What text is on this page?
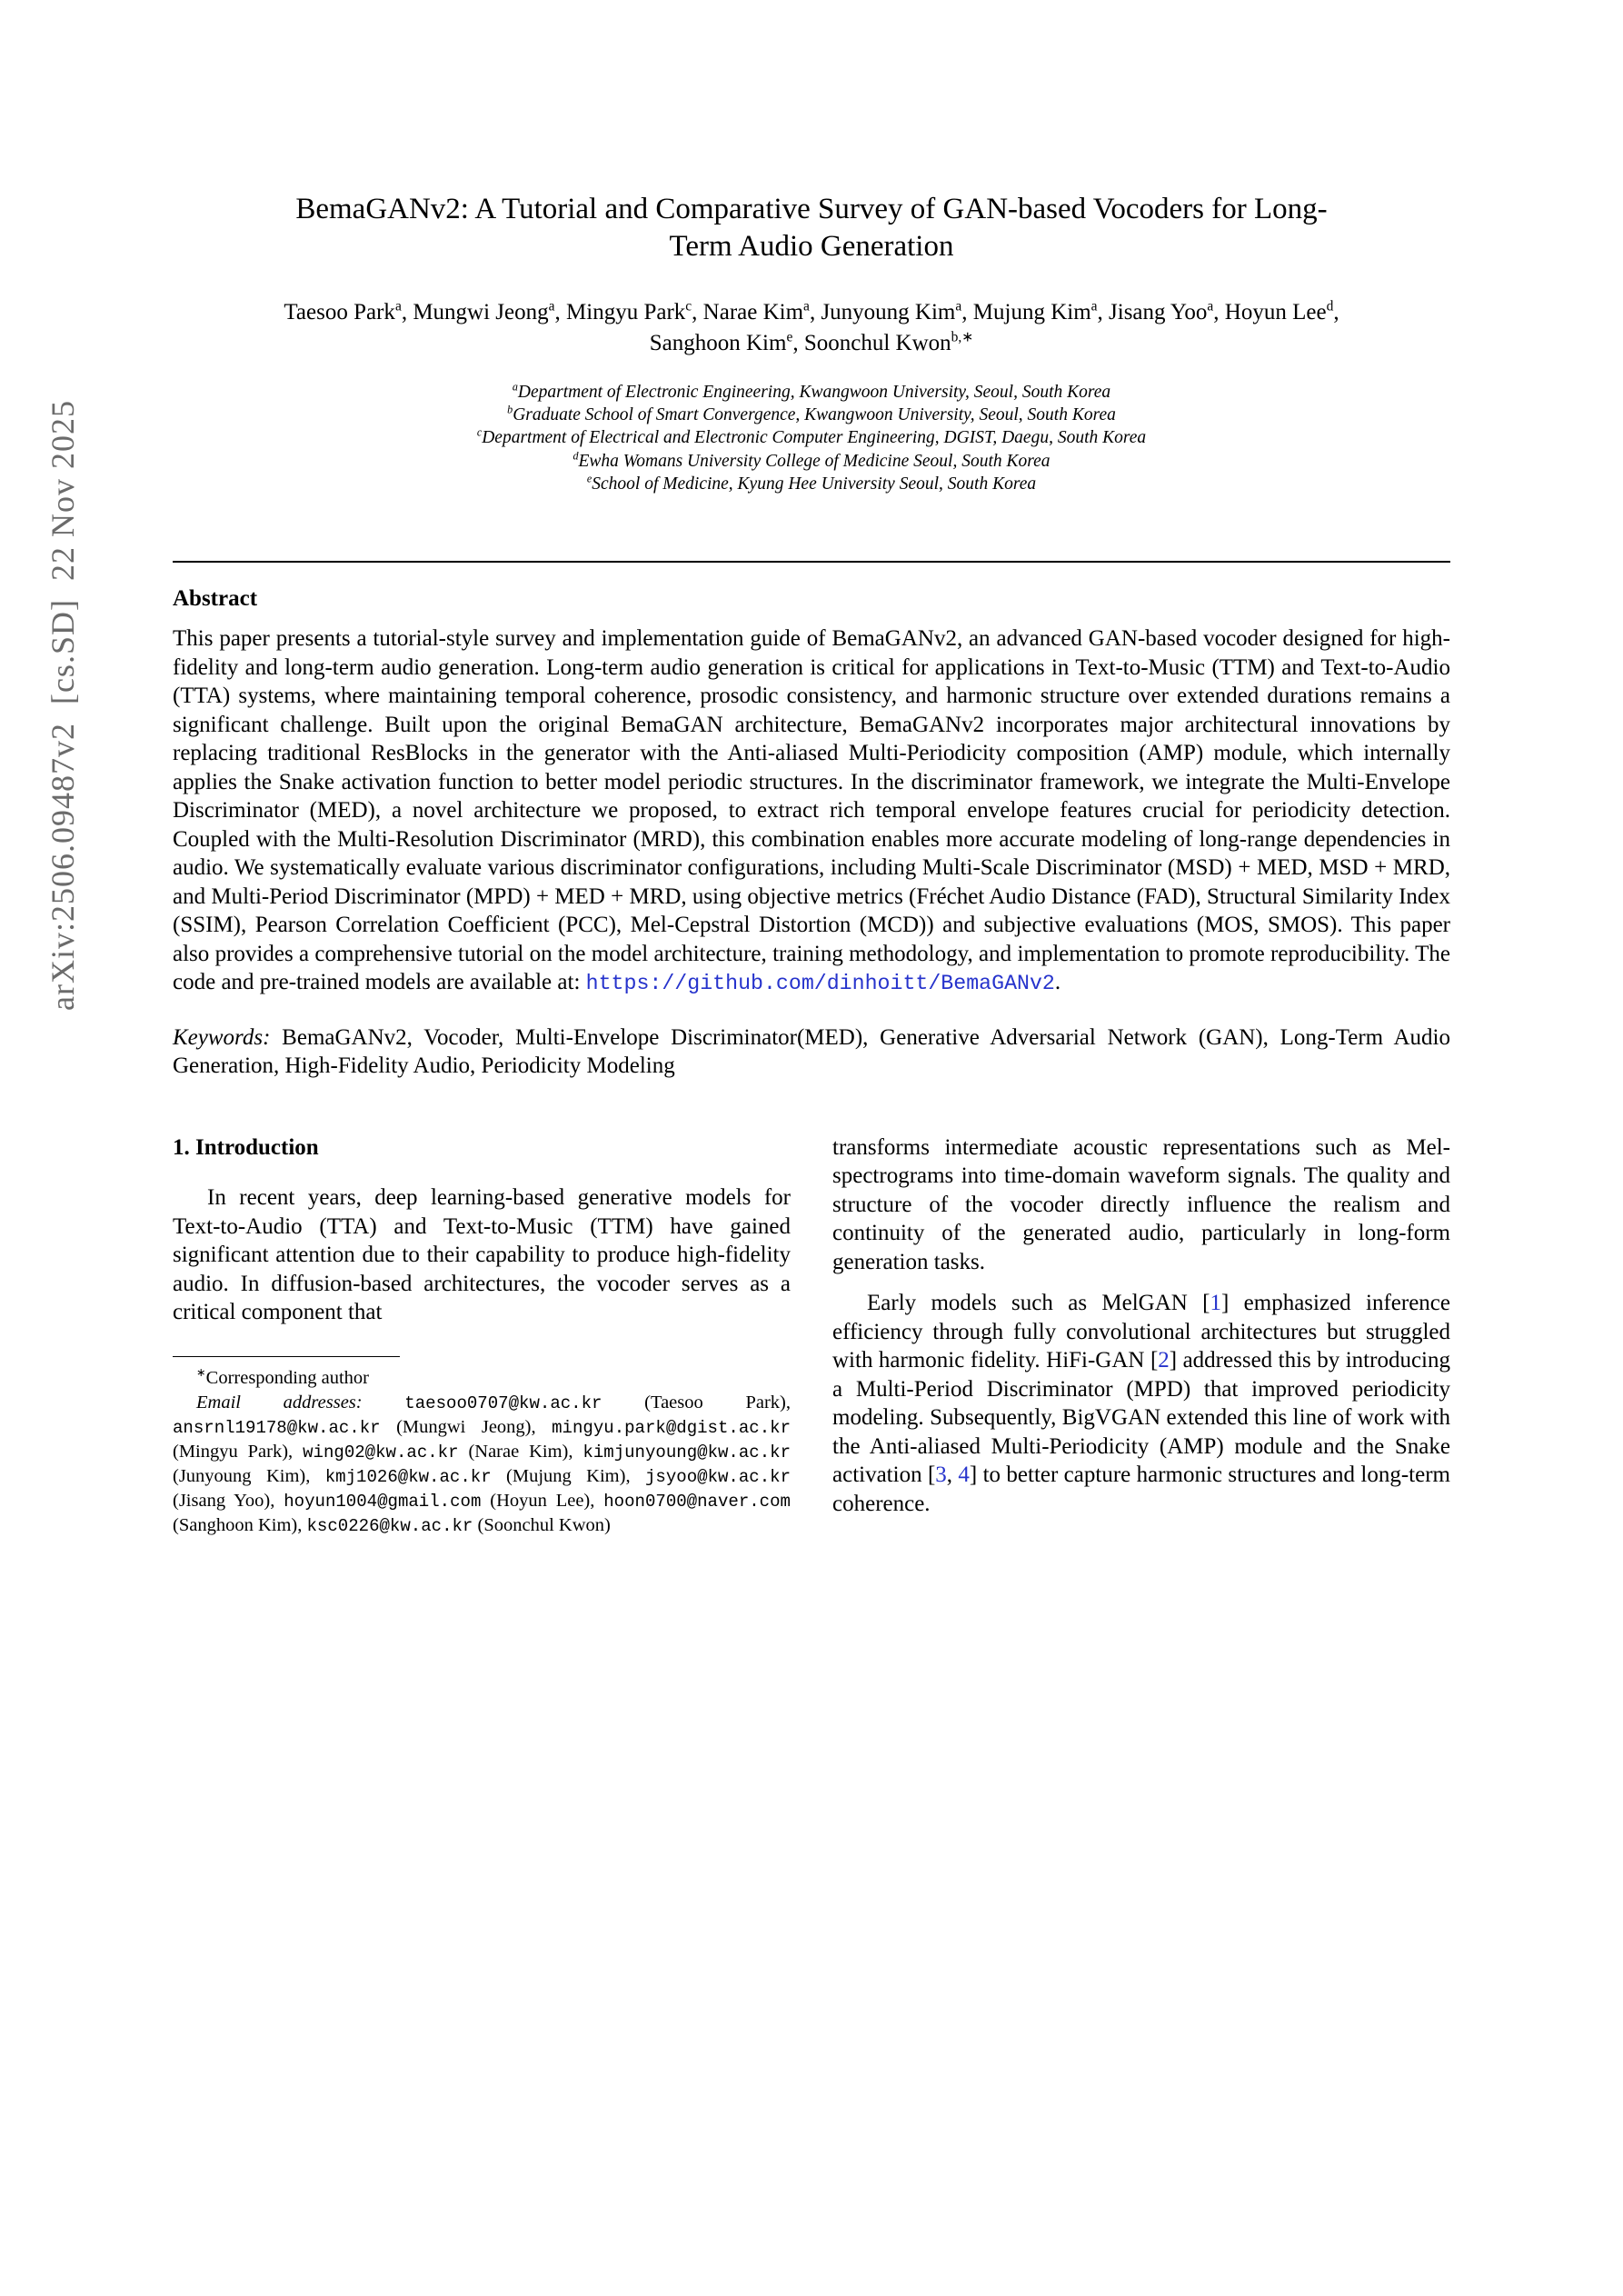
arXiv:2506.09487v2  [cs.SD]  22 Nov 2025
BemaGANv2: A Tutorial and Comparative Survey of GAN-based Vocoders for Long-Term Audio Generation
Taesoo Park$^a$, Mungwi Jeong$^a$, Mingyu Park$^c$, Narae Kim$^a$, Junyoung Kim$^a$, Mujung Kim$^a$, Jisang Yoo$^a$, Hoyun Lee$^d$, Sanghoon Kim$^e$, Soonchul Kwon$^{b,∗}$
$^a$Department of Electronic Engineering, Kwangwoon University, Seoul, South Korea
$^b$Graduate School of Smart Convergence, Kwangwoon University, Seoul, South Korea
$^c$Department of Electrical and Electronic Computer Engineering, DGIST, Daegu, South Korea
$^d$Ewha Womans University College of Medicine Seoul, South Korea
$^e$School of Medicine, Kyung Hee University Seoul, South Korea
Abstract

This paper presents a tutorial-style survey and implementation guide of BemaGANv2, an advanced GAN-based vocoder designed for high-fidelity and long-term audio generation. Long-term audio generation is critical for applications in Text-to-Music (TTM) and Text-to-Audio (TTA) systems, where maintaining temporal coherence, prosodic consistency, and harmonic structure over extended durations remains a significant challenge. Built upon the original BemaGAN architecture, BemaGANv2 incorporates major architectural innovations by replacing traditional ResBlocks in the generator with the Anti-aliased Multi-Periodicity composition (AMP) module, which internally applies the Snake activation function to better model periodic structures. In the discriminator framework, we integrate the Multi-Envelope Discriminator (MED), a novel architecture we proposed, to extract rich temporal envelope features crucial for periodicity detection. Coupled with the Multi-Resolution Discriminator (MRD), this combination enables more accurate modeling of long-range dependencies in audio. We systematically evaluate various discriminator configurations, including Multi-Scale Discriminator (MSD) + MED, MSD + MRD, and Multi-Period Discriminator (MPD) + MED + MRD, using objective metrics (Fréchet Audio Distance (FAD), Structural Similarity Index (SSIM), Pearson Correlation Coefficient (PCC), Mel-Cepstral Distortion (MCD)) and subjective evaluations (MOS, SMOS). This paper also provides a comprehensive tutorial on the model architecture, training methodology, and implementation to promote reproducibility. The code and pre-trained models are available at: https://github.com/dinhoitt/BemaGANv2.

Keywords: BemaGANv2, Vocoder, Multi-Envelope Discriminator(MED), Generative Adversarial Network (GAN), Long-Term Audio Generation, High-Fidelity Audio, Periodicity Modeling

1. Introduction

In recent years, deep learning-based generative models for Text-to-Audio (TTA) and Text-to-Music (TTM) have gained significant attention due to their capability to produce high-fidelity audio. In diffusion-based architectures, the vocoder serves as a critical component that

∗Corresponding author

Email addresses: taesoo0707@kw.ac.kr (Taesoo Park), ansrnl19178@kw.ac.kr (Mungwi Jeong), mingyu.park@dgist.ac.kr (Mingyu Park), wing02@kw.ac.kr (Narae Kim), kimjunyoung@kw.ac.kr (Junyoung Kim), kmj1026@kw.ac.kr (Mujung Kim), jsyoo@kw.ac.kr (Jisang Yoo), hoyun1004@gmail.com (Hoyun Lee), hoon0700@naver.com (Sanghoon Kim), ksc0226@kw.ac.kr (Soonchul Kwon)

transforms intermediate acoustic representations such as Mel-spectrograms into time-domain waveform signals. The quality and structure of the vocoder directly influence the realism and continuity of the generated audio, particularly in long-form generation tasks.

Early models such as MelGAN [1] emphasized inference efficiency through fully convolutional architectures but struggled with harmonic fidelity. HiFi-GAN [2] addressed this by introducing a Multi-Period Discriminator (MPD) that improved periodicity modeling. Subsequently, BigVGAN extended this line of work with the Anti-aliased Multi-Periodicity (AMP) module and the Snake activation [3, 4] to better capture harmonic structures and long-term coherence.
